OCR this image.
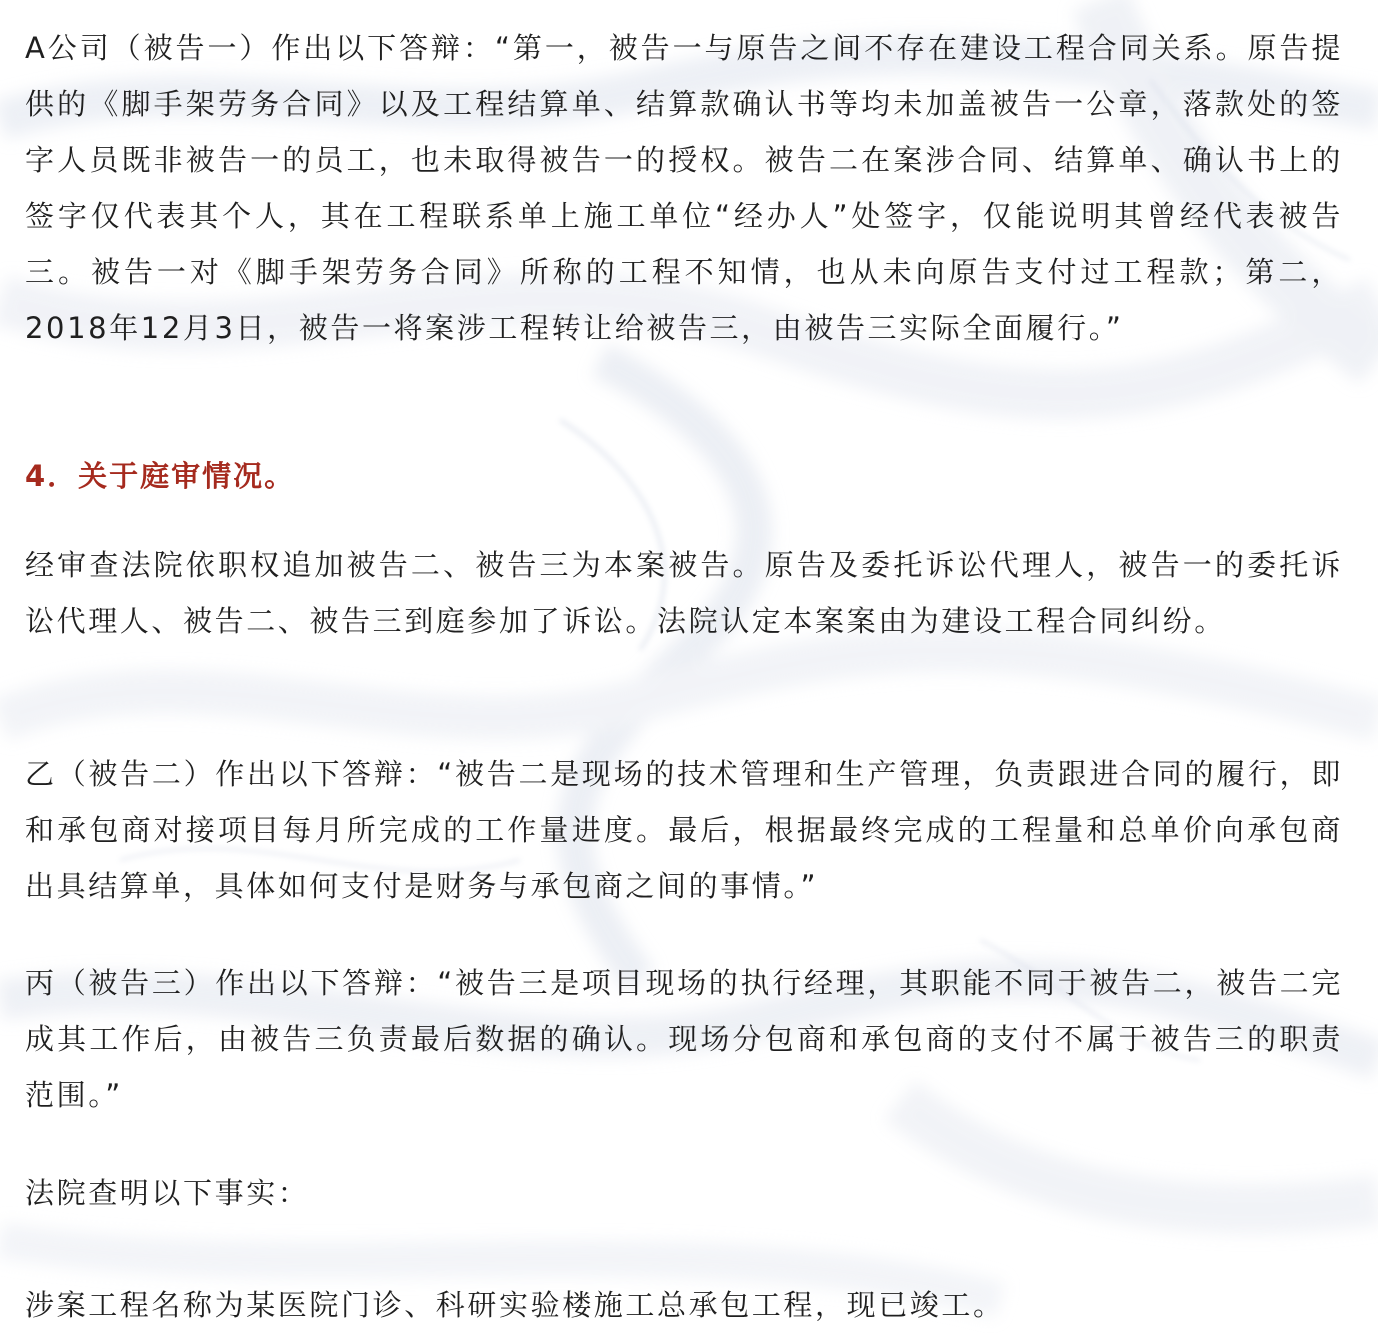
A公司（被告一）作出以下答辩：“第一，被告一与原告之间不存在建设工程合同关系。原告提供的《脚手架劳务合同》以及工程结算单、结算款确认书等均未加盖被告一公章，落款处的签字人员既非被告一的员工，也未取得被告一的授权。被告二在案涉合同、结算单、确认书上的签字仅代表其个人，其在工程联系单上施工单位“经办人”处签字，仅能说明其曾经代表被告三。被告一对《脚手架劳务合同》所称的工程不知情，也从未向原告支付过工程款；第二，2018年12月3日，被告一将案涉工程转让给被告三，由被告三实际全面履行。”

4．关于庭审情况。

经审查法院依职权追加被告二、被告三为本案被告。原告及委托诉讼代理人，被告一的委托诉讼代理人、被告二、被告三到庭参加了诉讼。法院认定本案案由为建设工程合同纠纷。

乙（被告二）作出以下答辩：“被告二是现场的技术管理和生产管理，负责跟进合同的履行，即和承包商对接项目每月所完成的工作量进度。最后，根据最终完成的工程量和总单价向承包商出具结算单，具体如何支付是财务与承包商之间的事情。”

丙（被告三）作出以下答辩：“被告三是项目现场的执行经理，其职能不同于被告二，被告二完成其工作后，由被告三负责最后数据的确认。现场分包商和承包商的支付不属于被告三的职责范围。”

法院查明以下事实：

涉案工程名称为某医院门诊、科研实验楼施工总承包工程，现已竣工。
